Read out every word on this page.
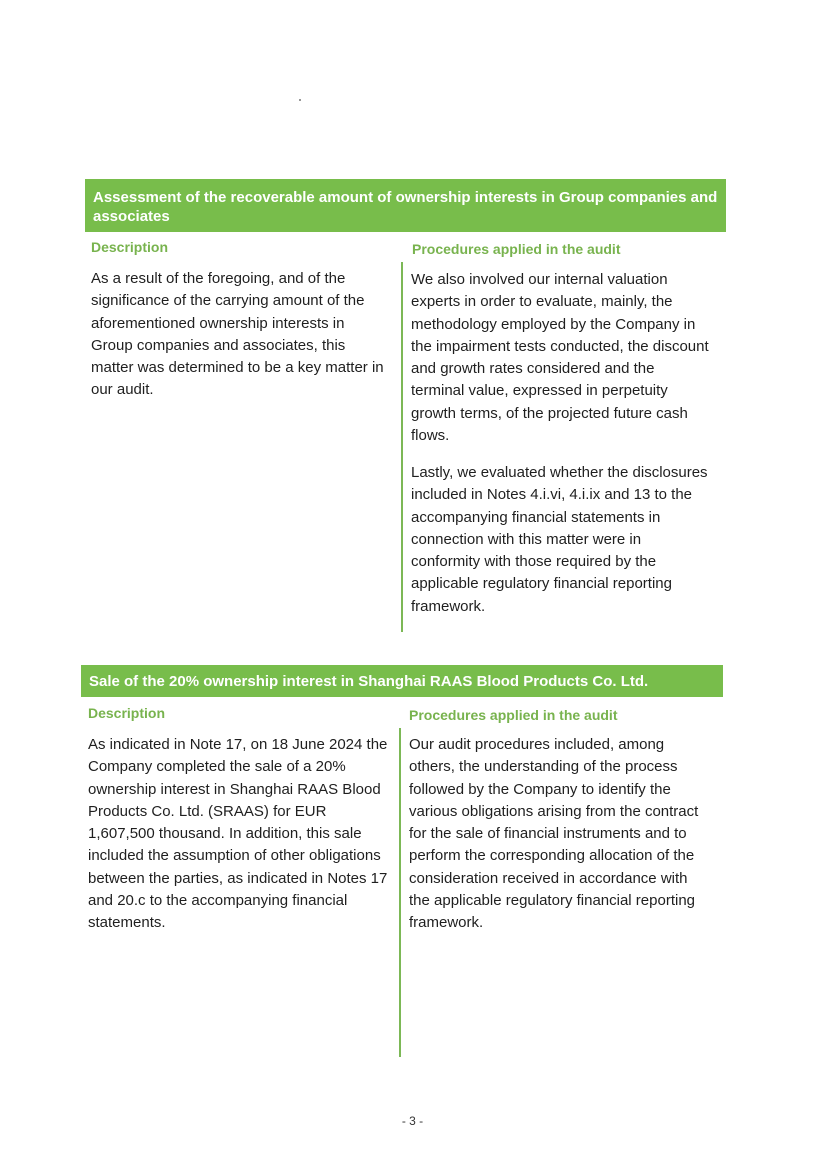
Assessment of the recoverable amount of ownership interests in Group companies and associates
Description	Procedures applied in the audit
As a result of the foregoing, and of the significance of the carrying amount of the aforementioned ownership interests in Group companies and associates, this matter was determined to be a key matter in our audit.
We also involved our internal valuation experts in order to evaluate, mainly, the methodology employed by the Company in the impairment tests conducted, the discount and growth rates considered and the terminal value, expressed in perpetuity growth terms, of the projected future cash flows.
Lastly, we evaluated whether the disclosures included in Notes 4.i.vi, 4.i.ix and 13 to the accompanying financial statements in connection with this matter were in conformity with those required by the applicable regulatory financial reporting framework.
Sale of the 20% ownership interest in Shanghai RAAS Blood Products Co. Ltd.
Description	Procedures applied in the audit
As indicated in Note 17, on 18 June 2024 the Company completed the sale of a 20% ownership interest in Shanghai RAAS Blood Products Co. Ltd. (SRAAS) for EUR 1,607,500 thousand. In addition, this sale included the assumption of other obligations between the parties, as indicated in Notes 17 and 20.c to the accompanying financial statements.
Our audit procedures included, among others, the understanding of the process followed by the Company to identify the various obligations arising from the contract for the sale of financial instruments and to perform the corresponding allocation of the consideration received in accordance with the applicable regulatory financial reporting framework.
- 3 -
